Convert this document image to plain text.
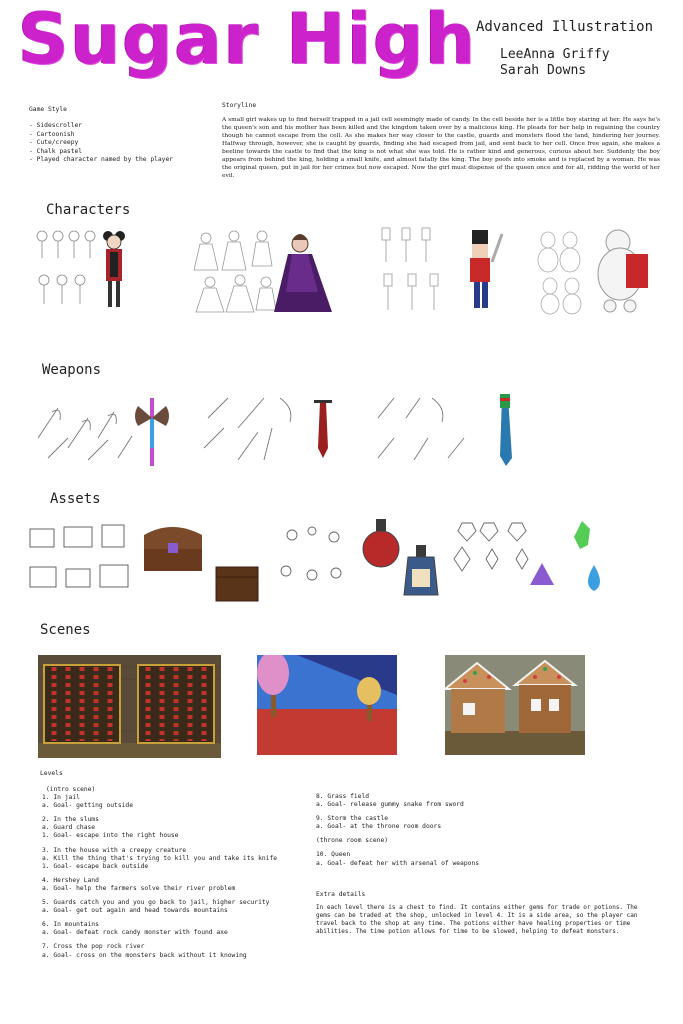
Sugar High
Advanced Illustration
LeeAnna Griffy
Sarah Downs
Game Style
- Sidescroller
- Cartoonish
- Cute/creepy
- Chalk pastel
- Played character named by the player
Storyline
A small girl wakes up to find herself trapped in a jail cell seemingly made of candy. In the cell beside her is a little boy staring at her. He says he's the queen's son and his mother has been killed and the kingdom taken over by a malicious king. He pleads for her help in regaining the country though he cannot escape from the cell. As she makes her way closer to the castle, guards and monsters flood the land, hindering her journey. Halfway through, however, she is caught by guards, finding she had escaped from jail, and sent back to her cell. Once free again, she makes a beeline towards the castle to find that the king is not what she was told. He is rather kind and generous, curious about her. Suddenly the boy appears from behind the king, holding a small knife, and almost fatally the king. The boy poofs into smoke and is replaced by a woman. He was the original queen, put in jail for her crimes but now escaped. Now the girl must dispense of the queen once and for all, ridding the world of her evil.
Characters
Weapons
Assets
Scenes
Levels
(intro scene)
1. In jail
a. Goal- getting outside
2. In the slums
a. Guard chase
1. Goal- escape into the right house
3. In the house with a creepy creature
a. Kill the thing that's trying to kill you and take its knife
1. Goal- escape back outside
4. Hershey Land
a. Goal- help the farmers solve their river problem
5. Guards catch you and you go back to jail, higher security
a. Goal- get out again and head towards mountains
6. In mountains
a. Goal- defeat rock candy monster with found axe
7. Cross the pop rock river
a. Goal- cross on the monsters back without it knowing
8. Grass field
a. Goal- release gummy snake from sword
9. Storm the castle
a. Goal- at the throne room doors
(throne room scene)
10. Queen
a. Goal- defeat her with arsenal of weapons
Extra details
In each level there is a chest to find. It contains either gems for trade or potions. The gems can be traded at the shop, unlocked in level 4. It is a side area, so the player can travel back to the shop at any time. The potions either have healing properties or time abilities. The time potion allows for time to be slowed, helping to defeat monsters.
